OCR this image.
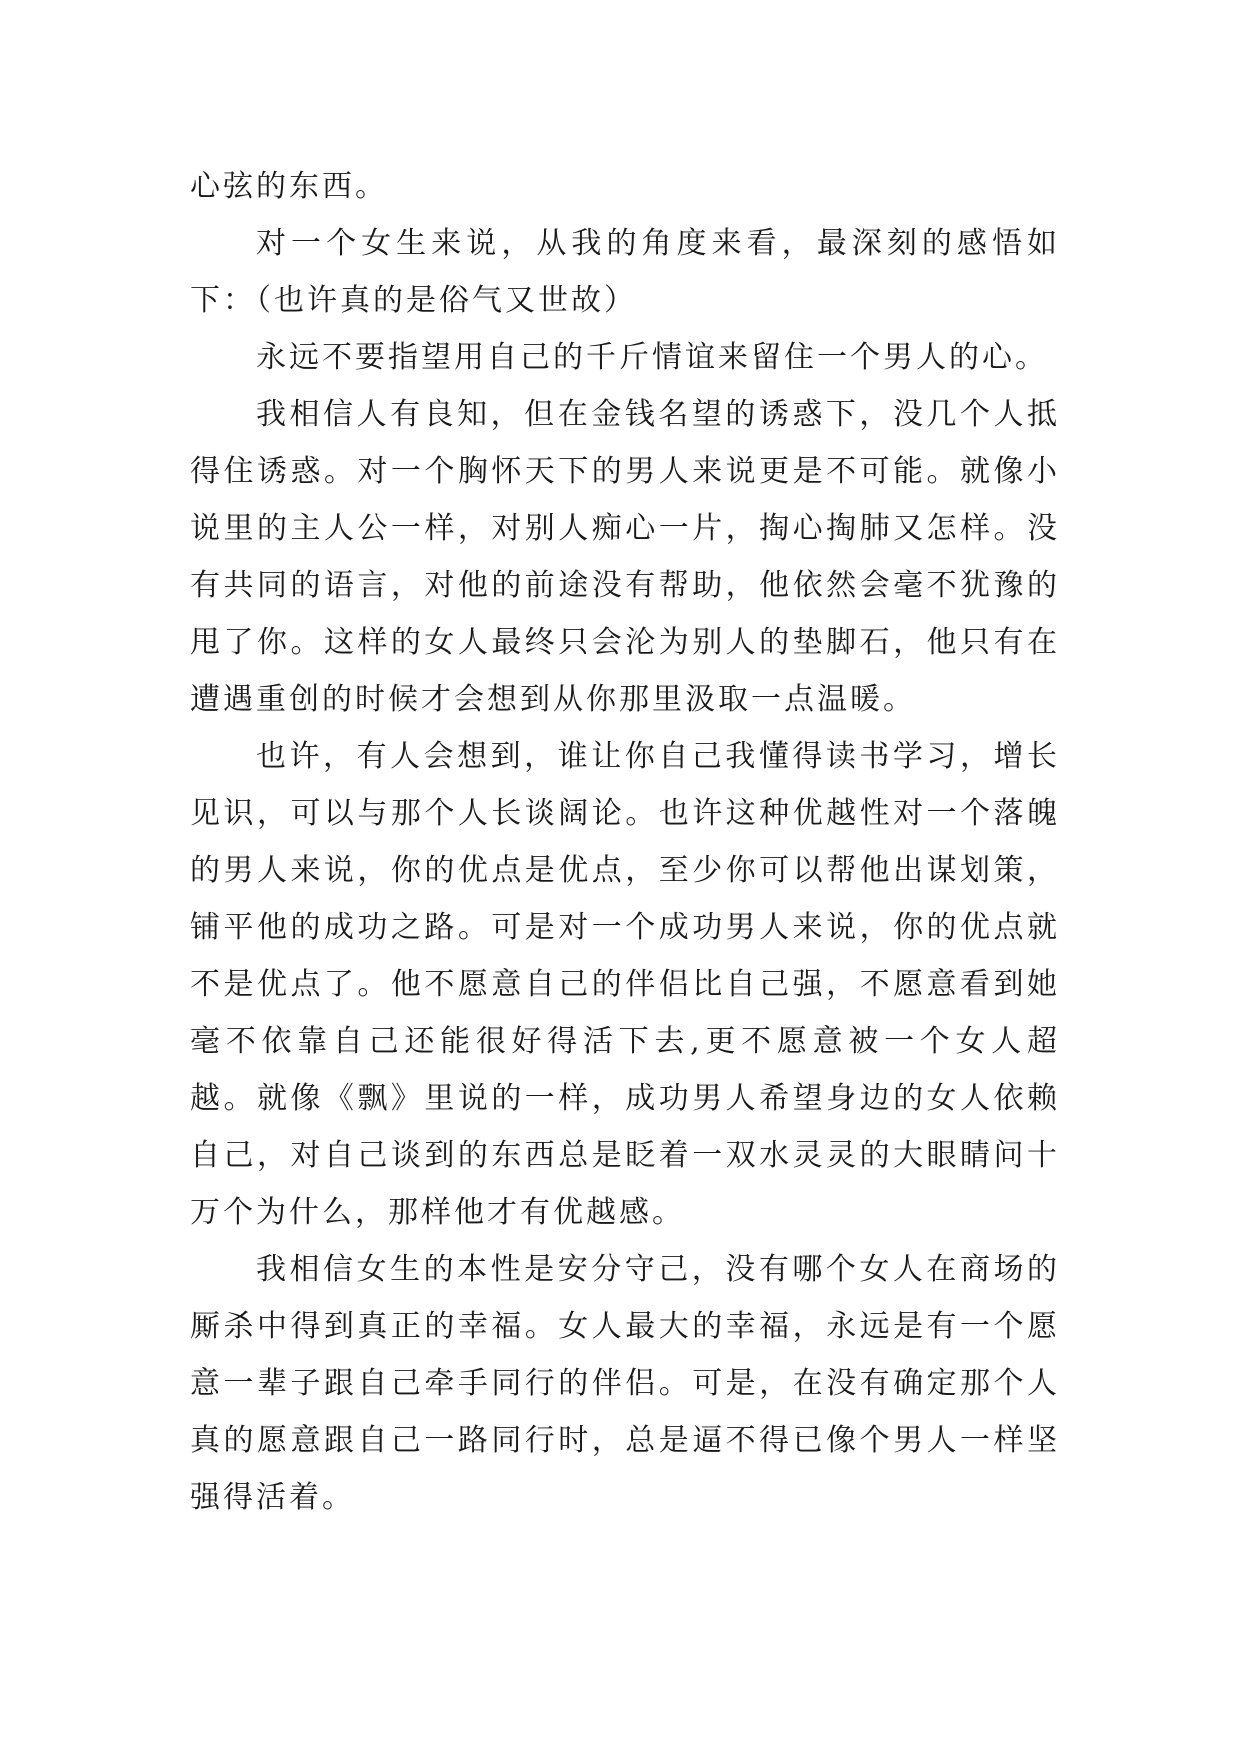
心弦的东西。

对一个女生来说，从我的角度来看，最深刻的感悟如下：（也许真的是俗气又世故）

永远不要指望用自己的千斤情谊来留住一个男人的心。

我相信人有良知，但在金钱名望的诱惑下，没几个人抵得住诱惑。对一个胸怀天下的男人来说更是不可能。就像小说里的主人公一样，对别人痴心一片，掏心掏肺又怎样。没有共同的语言，对他的前途没有帮助，他依然会毫不犹豫的甩了你。这样的女人最终只会沦为别人的垫脚石，他只有在遭遇重创的时候才会想到从你那里汲取一点温暖。

也许，有人会想到，谁让你自己我懂得读书学习，增长见识，可以与那个人长谈阔论。也许这种优越性对一个落魄的男人来说，你的优点是优点，至少你可以帮他出谋划策，铺平他的成功之路。可是对一个成功男人来说，你的优点就不是优点了。他不愿意自己的伴侣比自己强，不愿意看到她毫不依靠自己还能很好得活下去,更不愿意被一个女人超越。就像《飘》里说的一样，成功男人希望身边的女人依赖自己，对自己谈到的东西总是眨着一双水灵灵的大眼睛问十万个为什么，那样他才有优越感。

我相信女生的本性是安分守己，没有哪个女人在商场的厮杀中得到真正的幸福。女人最大的幸福，永远是有一个愿意一辈子跟自己牵手同行的伴侣。可是，在没有确定那个人真的愿意跟自己一路同行时，总是逼不得已像个男人一样坚强得活着。
